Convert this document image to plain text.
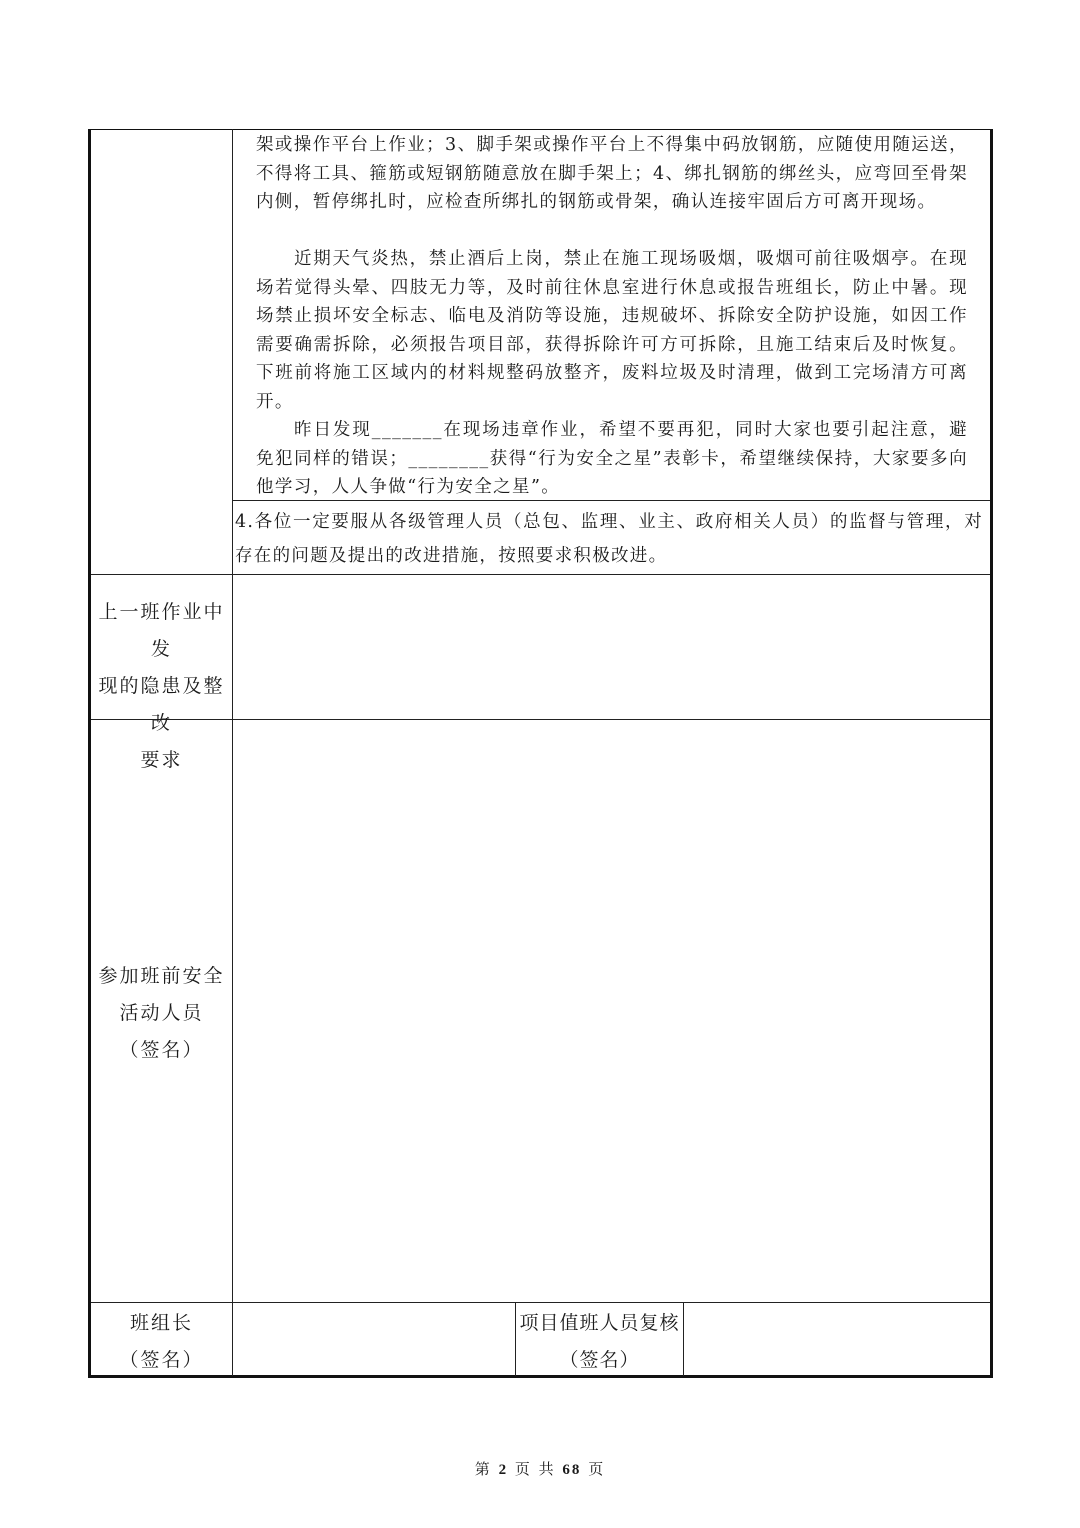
架或操作平台上作业；3、脚手架或操作平台上不得集中码放钢筋，应随使用随运送，不得将工具、箍筋或短钢筋随意放在脚手架上；4、绑扎钢筋的绑丝头，应弯回至骨架内侧，暂停绑扎时，应检查所绑扎的钢筋或骨架，确认连接牢固后方可离开现场。

近期天气炎热，禁止酒后上岗，禁止在施工现场吸烟，吸烟可前往吸烟亭。在现场若觉得头晕、四肢无力等，及时前往休息室进行休息或报告班组长，防止中暑。现场禁止损坏安全标志、临电及消防等设施，违规破坏、拆除安全防护设施，如因工作需要确需拆除，必须报告项目部，获得拆除许可方可拆除，且施工结束后及时恢复。下班前将施工区域内的材料规整码放整齐，废料垃圾及时清理，做到工完场清方可离开。

昨日发现_______在现场违章作业，希望不要再犯，同时大家也要引起注意，避免犯同样的错误；________获得“行为安全之星”表彰卡，希望继续保持，大家要多向他学习，人人争做“行为安全之星”。

4.各位一定要服从各级管理人员（总包、监理、业主、政府相关人员）的监督与管理，对存在的问题及提出的改进措施，按照要求积极改进。

上一班作业中发
现的隐患及整改
要求
参加班前安全
活动人员
（签名）
班组长
（签名）
项目值班人员复核
（签名）
第 2 页 共 68 页
